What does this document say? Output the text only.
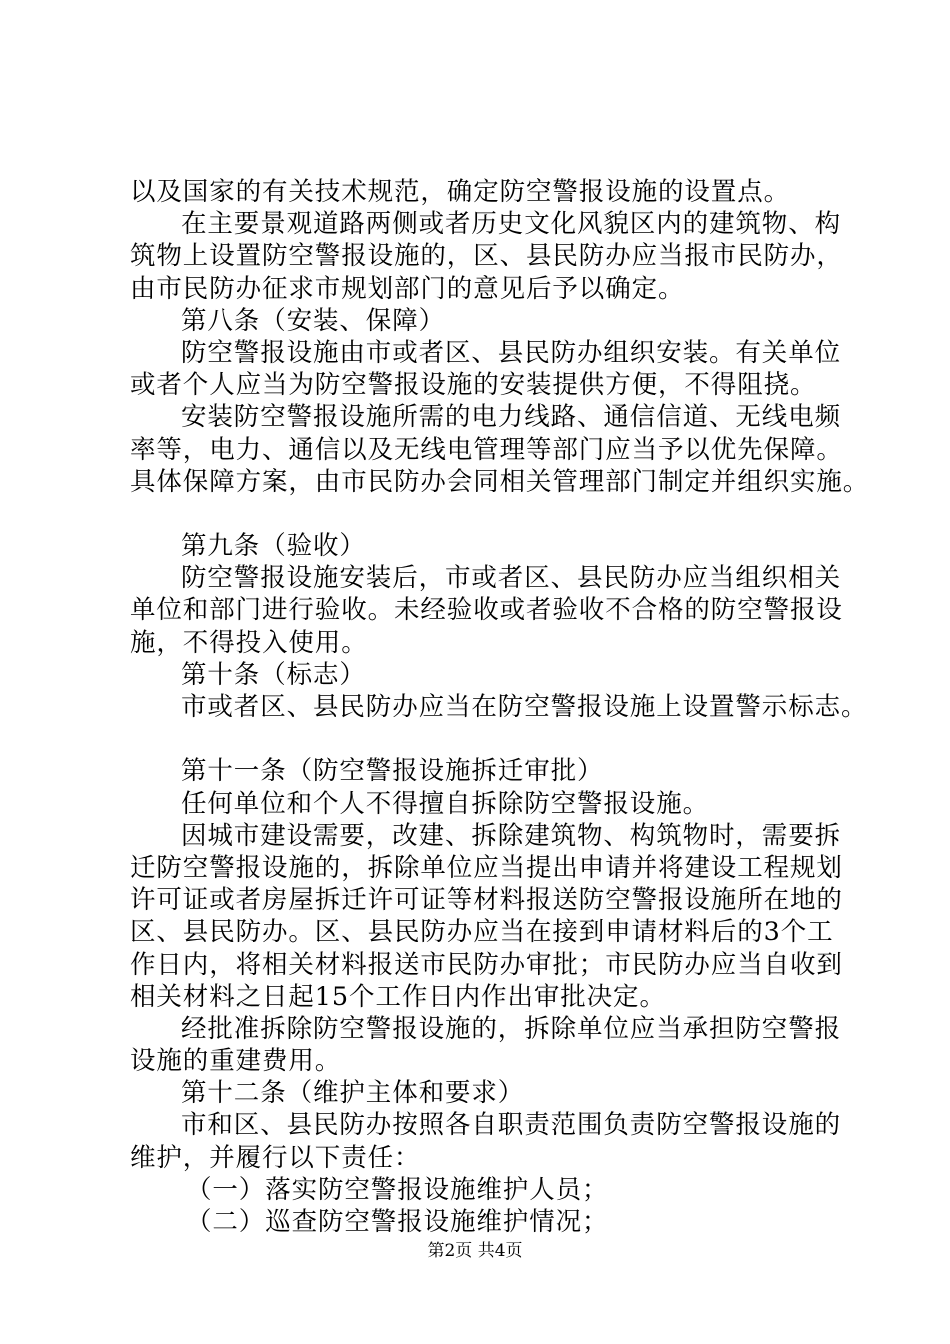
以及国家的有关技术规范，确定防空警报设施的设置点。
在主要景观道路两侧或者历史文化风貌区内的建筑物、构
筑物上设置防空警报设施的，区、县民防办应当报市民防办，
由市民防办征求市规划部门的意见后予以确定。
第八条（安装、保障）
防空警报设施由市或者区、县民防办组织安装。有关单位
或者个人应当为防空警报设施的安装提供方便，不得阻挠。
安装防空警报设施所需的电力线路、通信信道、无线电频
率等，电力、通信以及无线电管理等部门应当予以优先保障。
具体保障方案，由市民防办会同相关管理部门制定并组织实施。
第九条（验收）
防空警报设施安装后，市或者区、县民防办应当组织相关
单位和部门进行验收。未经验收或者验收不合格的防空警报设
施，不得投入使用。
第十条（标志）
市或者区、县民防办应当在防空警报设施上设置警示标志。
第十一条（防空警报设施拆迁审批）
任何单位和个人不得擅自拆除防空警报设施。
因城市建设需要，改建、拆除建筑物、构筑物时，需要拆
迁防空警报设施的，拆除单位应当提出申请并将建设工程规划
许可证或者房屋拆迁许可证等材料报送防空警报设施所在地的
区、县民防办。区、县民防办应当在接到申请材料后的3个工
作日内，将相关材料报送市民防办审批；市民防办应当自收到
相关材料之日起15个工作日内作出审批决定。
经批准拆除防空警报设施的，拆除单位应当承担防空警报
设施的重建费用。
第十二条（维护主体和要求）
市和区、县民防办按照各自职责范围负责防空警报设施的
维护，并履行以下责任：
（一）落实防空警报设施维护人员；
（二）巡查防空警报设施维护情况；
第2页 共4页
